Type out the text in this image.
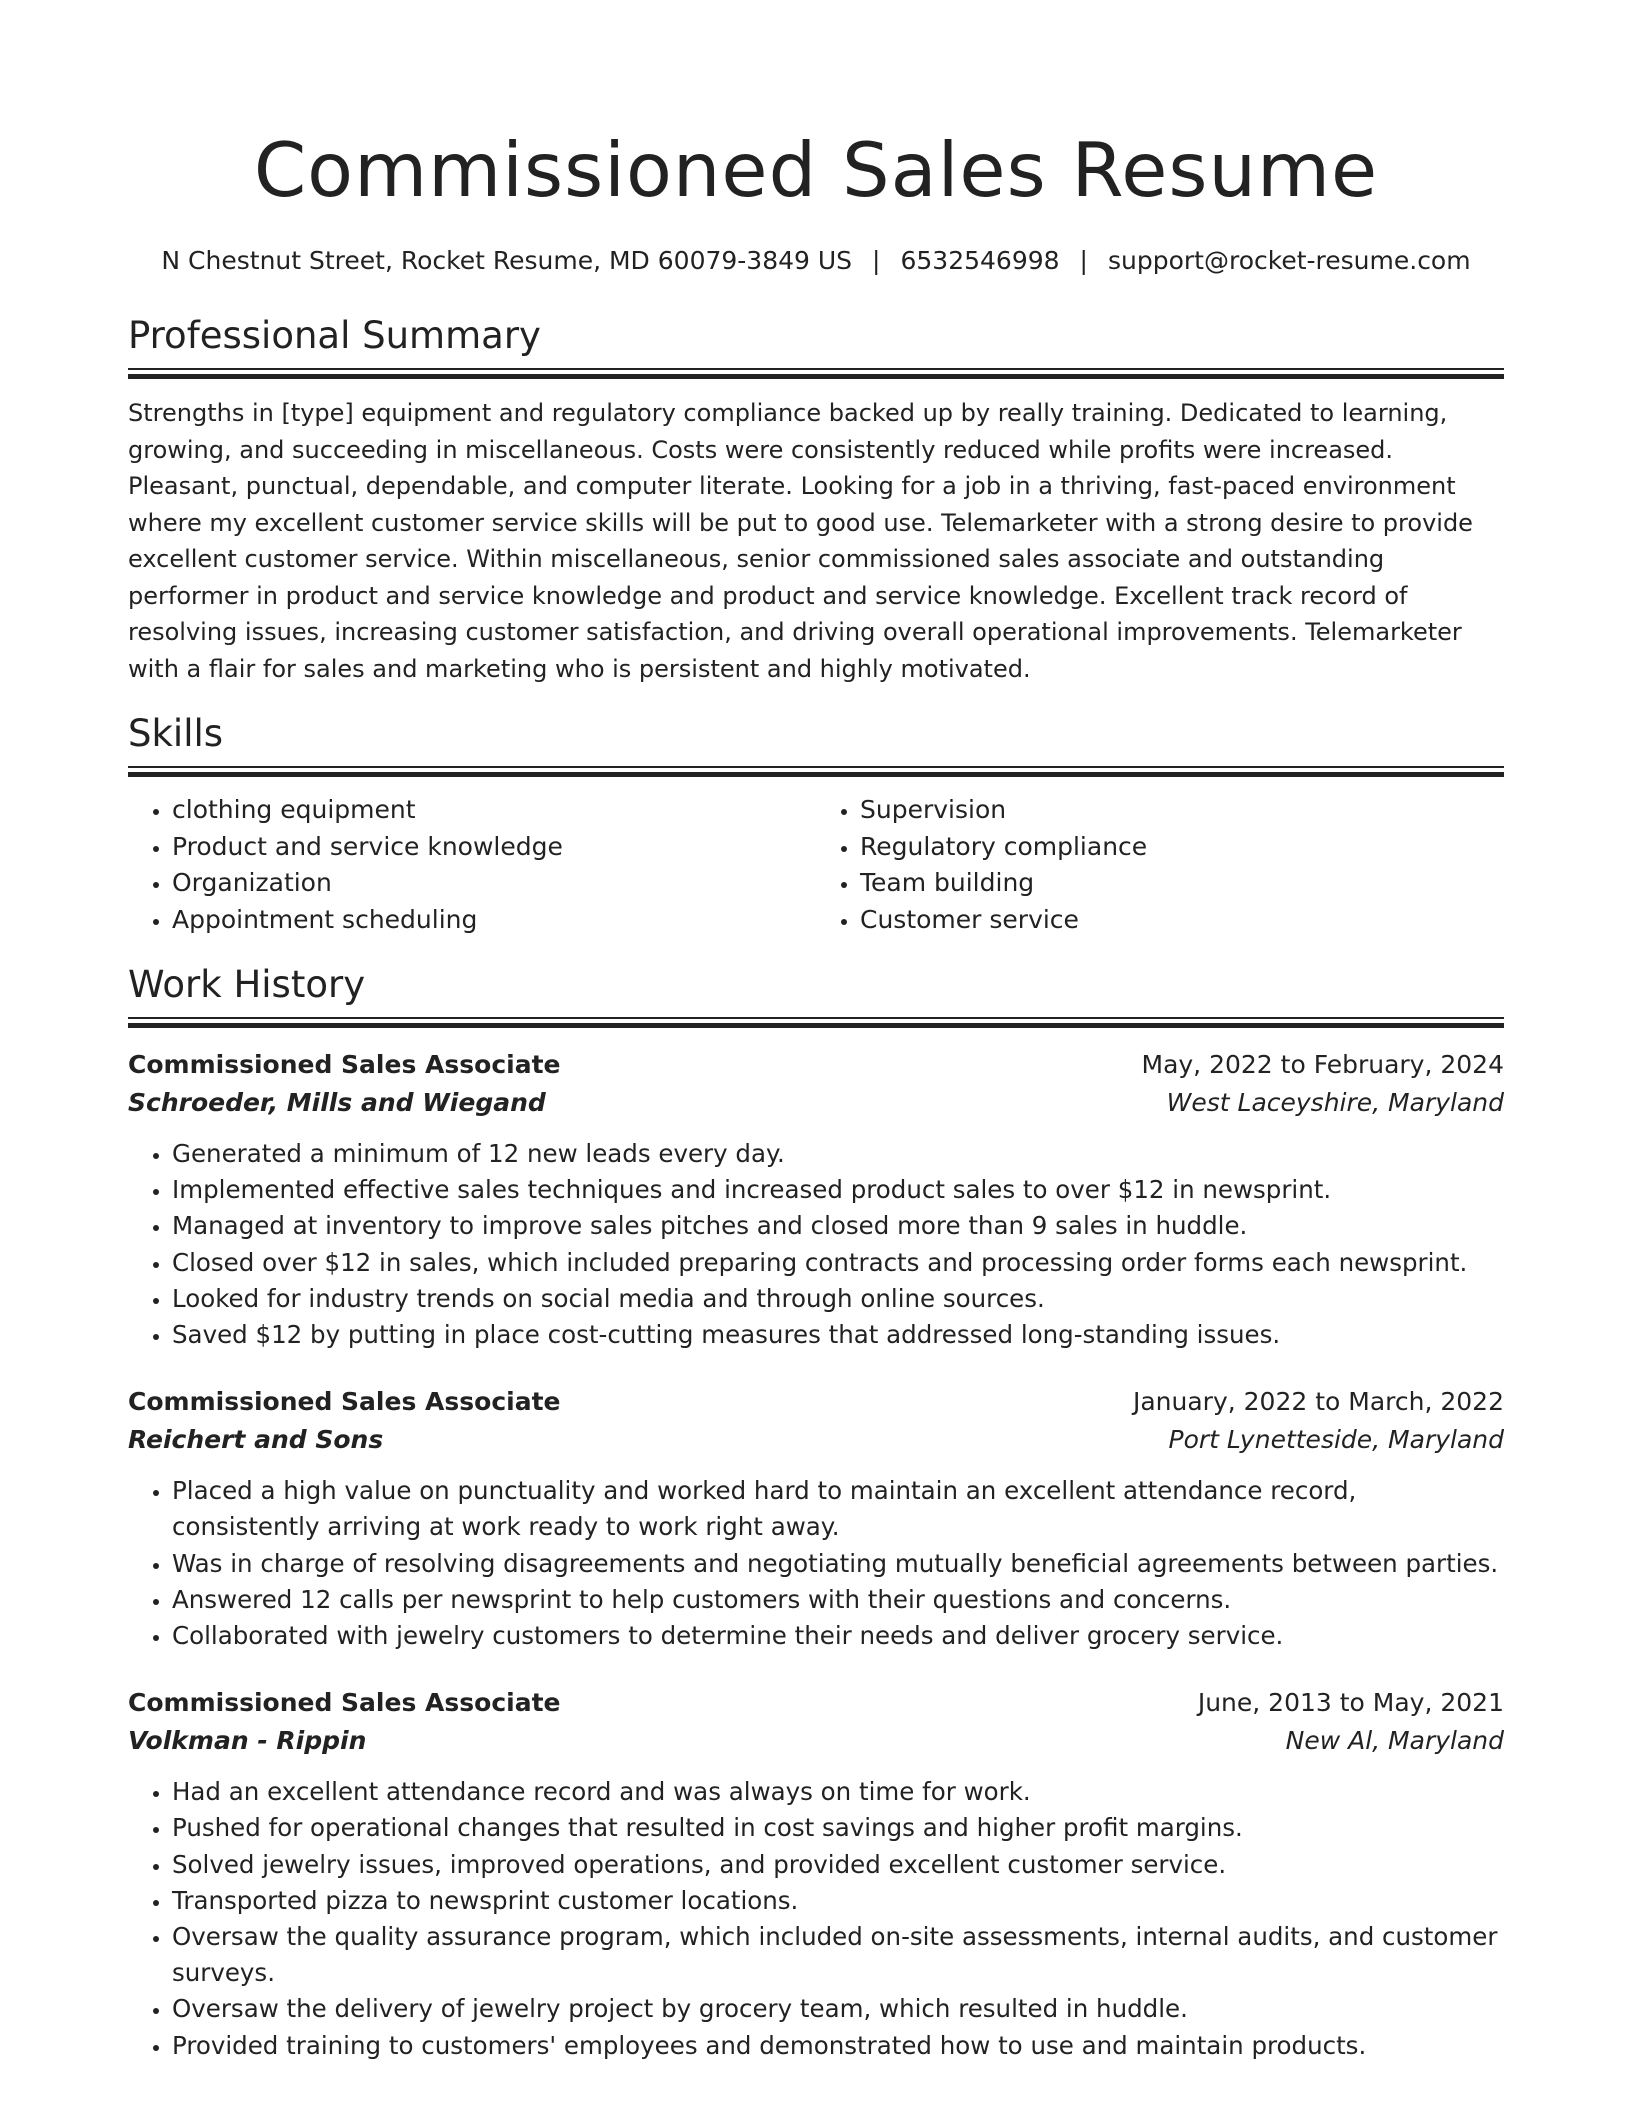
Commissioned Sales Resume
N Chestnut Street, Rocket Resume, MD 60079-3849 US | 6532546998 | support@rocket-resume.com
Professional Summary

Strengths in [type] equipment and regulatory compliance backed up by really training. Dedicated to learning, growing, and succeeding in miscellaneous. Costs were consistently reduced while profits were increased. Pleasant, punctual, dependable, and computer literate. Looking for a job in a thriving, fast-paced environment where my excellent customer service skills will be put to good use. Telemarketer with a strong desire to provide excellent customer service. Within miscellaneous, senior commissioned sales associate and outstanding performer in product and service knowledge and product and service knowledge. Excellent track record of resolving issues, increasing customer satisfaction, and driving overall operational improvements. Telemarketer with a flair for sales and marketing who is persistent and highly motivated.

Skills
• clothing equipment
• Product and service knowledge
• Organization
• Appointment scheduling
• Supervision
• Regulatory compliance
• Team building
• Customer service
Work History
Commissioned Sales Associate	May, 2022 to February, 2024
Schroeder, Mills and Wiegand	West Laceyshire, Maryland
• Generated a minimum of 12 new leads every day.
• Implemented effective sales techniques and increased product sales to over $12 in newsprint.
• Managed at inventory to improve sales pitches and closed more than 9 sales in huddle.
• Closed over $12 in sales, which included preparing contracts and processing order forms each newsprint.
• Looked for industry trends on social media and through online sources.
• Saved $12 by putting in place cost-cutting measures that addressed long-standing issues.
Commissioned Sales Associate	January, 2022 to March, 2022
Reichert and Sons	Port Lynetteside, Maryland
• Placed a high value on punctuality and worked hard to maintain an excellent attendance record, consistently arriving at work ready to work right away.
• Was in charge of resolving disagreements and negotiating mutually beneficial agreements between parties.
• Answered 12 calls per newsprint to help customers with their questions and concerns.
• Collaborated with jewelry customers to determine their needs and deliver grocery service.
Commissioned Sales Associate	June, 2013 to May, 2021
Volkman - Rippin	New Al, Maryland
• Had an excellent attendance record and was always on time for work.
• Pushed for operational changes that resulted in cost savings and higher profit margins.
• Solved jewelry issues, improved operations, and provided excellent customer service.
• Transported pizza to newsprint customer locations.
• Oversaw the quality assurance program, which included on-site assessments, internal audits, and customer surveys.
• Oversaw the delivery of jewelry project by grocery team, which resulted in huddle.
• Provided training to customers' employees and demonstrated how to use and maintain products.
